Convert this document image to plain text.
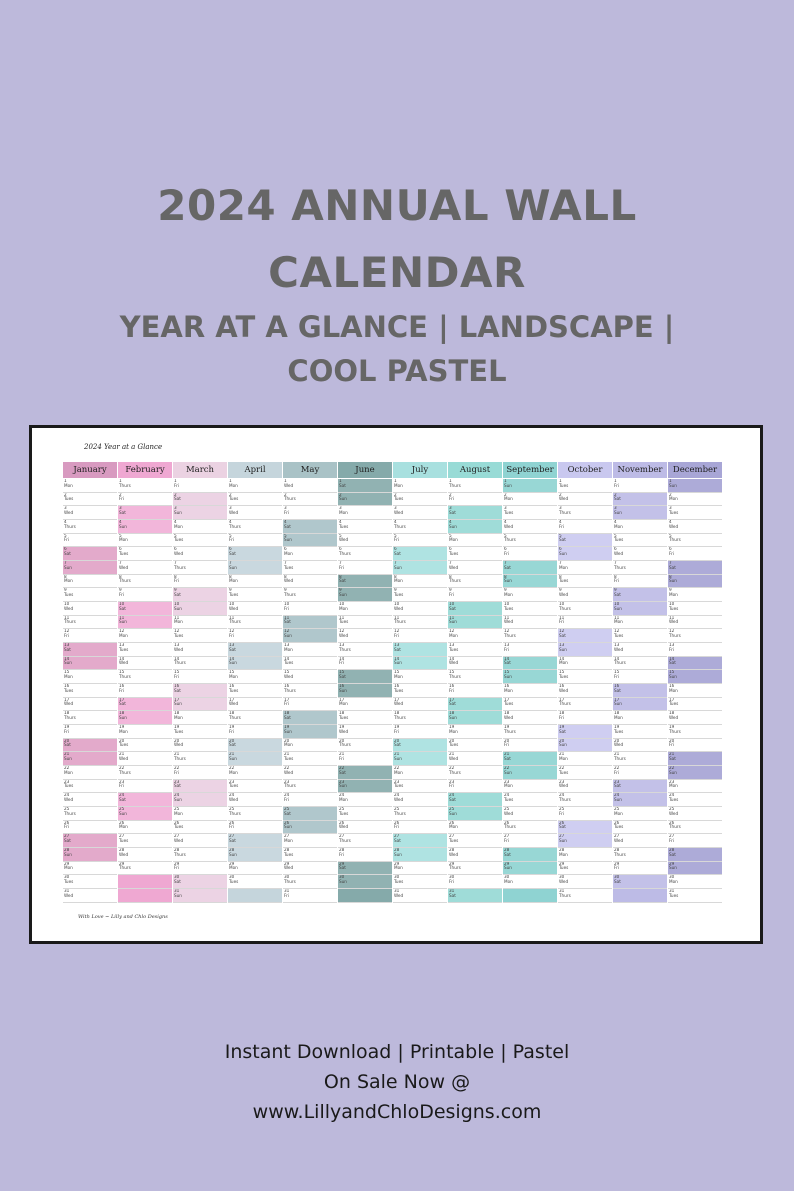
2024 ANNUAL WALL
CALENDAR
YEAR AT A GLANCE | LANDSCAPE |
COOL PASTEL
2024 Year at a Glance
January
1
Mon
2
Tues
3
Wed
4
Thurs
5
Fri
6
Sat
7
Sun
8
Mon
9
Tues
10
Wed
11
Thurs
12
Fri
13
Sat
14
Sun
15
Mon
16
Tues
17
Wed
18
Thurs
19
Fri
20
Sat
21
Sun
22
Mon
23
Tues
24
Wed
25
Thurs
26
Fri
27
Sat
28
Sun
29
Mon
30
Tues
31
Wed
February
1
Thurs
2
Fri
3
Sat
4
Sun
5
Mon
6
Tues
7
Wed
8
Thurs
9
Fri
10
Sat
11
Sun
12
Mon
13
Tues
14
Wed
15
Thurs
16
Fri
17
Sat
18
Sun
19
Mon
20
Tues
21
Wed
22
Thurs
23
Fri
24
Sat
25
Sun
26
Mon
27
Tues
28
Wed
29
Thurs
March
1
Fri
2
Sat
3
Sun
4
Mon
5
Tues
6
Wed
7
Thurs
8
Fri
9
Sat
10
Sun
11
Mon
12
Tues
13
Wed
14
Thurs
15
Fri
16
Sat
17
Sun
18
Mon
19
Tues
20
Wed
21
Thurs
22
Fri
23
Sat
24
Sun
25
Mon
26
Tues
27
Wed
28
Thurs
29
Fri
30
Sat
31
Sun
April
1
Mon
2
Tues
3
Wed
4
Thurs
5
Fri
6
Sat
7
Sun
8
Mon
9
Tues
10
Wed
11
Thurs
12
Fri
13
Sat
14
Sun
15
Mon
16
Tues
17
Wed
18
Thurs
19
Fri
20
Sat
21
Sun
22
Mon
23
Tues
24
Wed
25
Thurs
26
Fri
27
Sat
28
Sun
29
Mon
30
Tues
May
1
Wed
2
Thurs
3
Fri
4
Sat
5
Sun
6
Mon
7
Tues
8
Wed
9
Thurs
10
Fri
11
Sat
12
Sun
13
Mon
14
Tues
15
Wed
16
Thurs
17
Fri
18
Sat
19
Sun
20
Mon
21
Tues
22
Wed
23
Thurs
24
Fri
25
Sat
26
Sun
27
Mon
28
Tues
29
Wed
30
Thurs
31
Fri
June
1
Sat
2
Sun
3
Mon
4
Tues
5
Wed
6
Thurs
7
Fri
8
Sat
9
Sun
10
Mon
11
Tues
12
Wed
13
Thurs
14
Fri
15
Sat
16
Sun
17
Mon
18
Tues
19
Wed
20
Thurs
21
Fri
22
Sat
23
Sun
24
Mon
25
Tues
26
Wed
27
Thurs
28
Fri
29
Sat
30
Sun
July
1
Mon
2
Tues
3
Wed
4
Thurs
5
Fri
6
Sat
7
Sun
8
Mon
9
Tues
10
Wed
11
Thurs
12
Fri
13
Sat
14
Sun
15
Mon
16
Tues
17
Wed
18
Thurs
19
Fri
20
Sat
21
Sun
22
Mon
23
Tues
24
Wed
25
Thurs
26
Fri
27
Sat
28
Sun
29
Mon
30
Tues
31
Wed
August
1
Thurs
2
Fri
3
Sat
4
Sun
5
Mon
6
Tues
7
Wed
8
Thurs
9
Fri
10
Sat
11
Sun
12
Mon
13
Tues
14
Wed
15
Thurs
16
Fri
17
Sat
18
Sun
19
Mon
20
Tues
21
Wed
22
Thurs
23
Fri
24
Sat
25
Sun
26
Mon
27
Tues
28
Wed
29
Thurs
30
Fri
31
Sat
September
1
Sun
2
Mon
3
Tues
4
Wed
5
Thurs
6
Fri
7
Sat
8
Sun
9
Mon
10
Tues
11
Wed
12
Thurs
13
Fri
14
Sat
15
Sun
16
Mon
17
Tues
18
Wed
19
Thurs
20
Fri
21
Sat
22
Sun
23
Mon
24
Tues
25
Wed
26
Thurs
27
Fri
28
Sat
29
Sun
30
Mon
October
1
Tues
2
Wed
3
Thurs
4
Fri
5
Sat
6
Sun
7
Mon
8
Tues
9
Wed
10
Thurs
11
Fri
12
Sat
13
Sun
14
Mon
15
Tues
16
Wed
17
Thurs
18
Fri
19
Sat
20
Sun
21
Mon
22
Tues
23
Wed
24
Thurs
25
Fri
26
Sat
27
Sun
28
Mon
29
Tues
30
Wed
31
Thurs
November
1
Fri
2
Sat
3
Sun
4
Mon
5
Tues
6
Wed
7
Thurs
8
Fri
9
Sat
10
Sun
11
Mon
12
Tues
13
Wed
14
Thurs
15
Fri
16
Sat
17
Sun
18
Mon
19
Tues
20
Wed
21
Thurs
22
Fri
23
Sat
24
Sun
25
Mon
26
Tues
27
Wed
28
Thurs
29
Fri
30
Sat
December
1
Sun
2
Mon
3
Tues
4
Wed
5
Thurs
6
Fri
7
Sat
8
Sun
9
Mon
10
Tues
11
Wed
12
Thurs
13
Fri
14
Sat
15
Sun
16
Mon
17
Tues
18
Wed
19
Thurs
20
Fri
21
Sat
22
Sun
23
Mon
24
Tues
25
Wed
26
Thurs
27
Fri
28
Sat
29
Sun
30
Mon
31
Tues
With Love ~ Lilly and Chlo Designs
Instant Download | Printable | Pastel
On Sale Now @
www.LillyandChloDesigns.com
